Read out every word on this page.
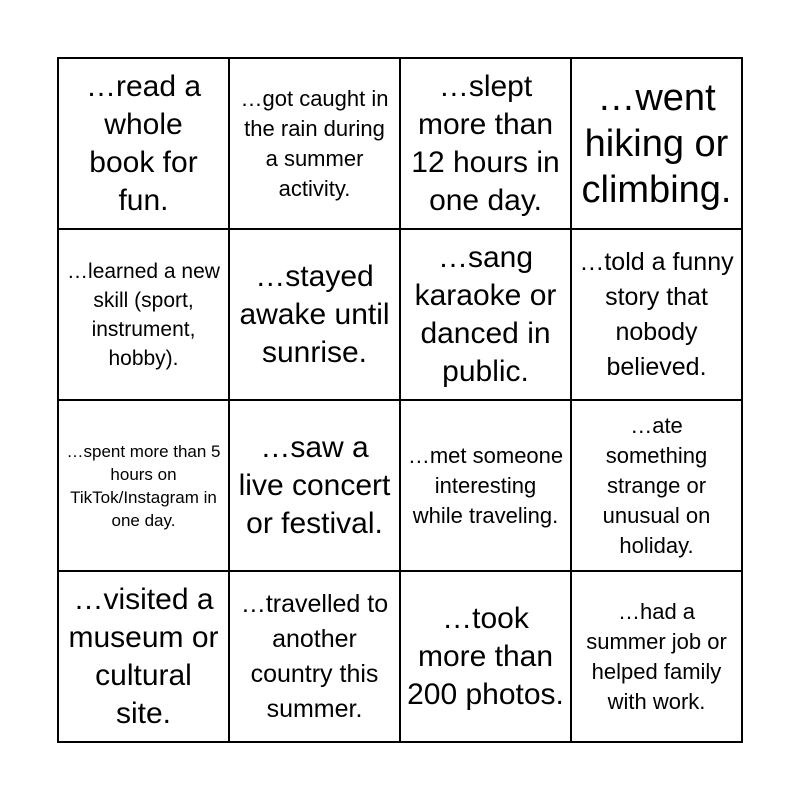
…read a whole book for fun.
…got caught in the rain during a summer activity.
…slept more than 12 hours in one day.
…went hiking or climbing.
…learned a new skill (sport, instrument, hobby).
…stayed awake until sunrise.
…sang karaoke or danced in public.
…told a funny story that nobody believed.
…spent more than 5 hours on TikTok/Instagram in one day.
…saw a live concert or festival.
…met someone interesting while traveling.
…ate something strange or unusual on holiday.
…visited a museum or cultural site.
…travelled to another country this summer.
…took more than 200 photos.
…had a summer job or helped family with work.
